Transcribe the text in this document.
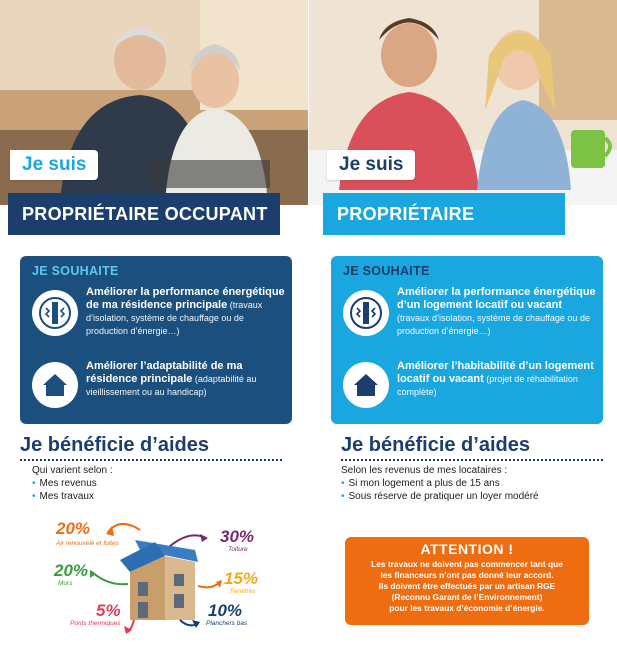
Je suis
PROPRIÉTAIRE OCCUPANT
JE SOUHAITE
Améliorer la performance énergétique de ma résidence principale (travaux d’isolation, système de chauffage ou de production d’énergie…)
Améliorer l’adaptabilité de ma résidence principale (adaptabilité au vieillissement ou au handicap)
Je bénéficie d’aides
Qui varient selon :
• Mes revenus
• Mes travaux
20%
Air renouvelé et fuites	30%
Toiture
20%
Murs	15%
Fenêtres
5%
Ponts thermiques
10%
Planchers bas
Je suis
PROPRIÉTAIRE
JE SOUHAITE
Améliorer la performance énergétique d’un logement locatif ou vacant (travaux d’isolation, système de chauffage ou de production d’énergie…)
Améliorer l’habitabilité d’un logement locatif ou vacant (projet de réhabilitation complète)
Je bénéficie d’aides
Selon les revenus de mes locataires :
• Si mon logement a plus de 15 ans
• Sous réserve de pratiquer un loyer modéré
ATTENTION !
Les travaux ne doivent pas commencer tant que
les financeurs n’ont pas donné leur accord.
Ils doivent être effectués par un artisan RGE
(Reconnu Garant de l’Environnement)
pour les travaux d’économie d’énergie.
